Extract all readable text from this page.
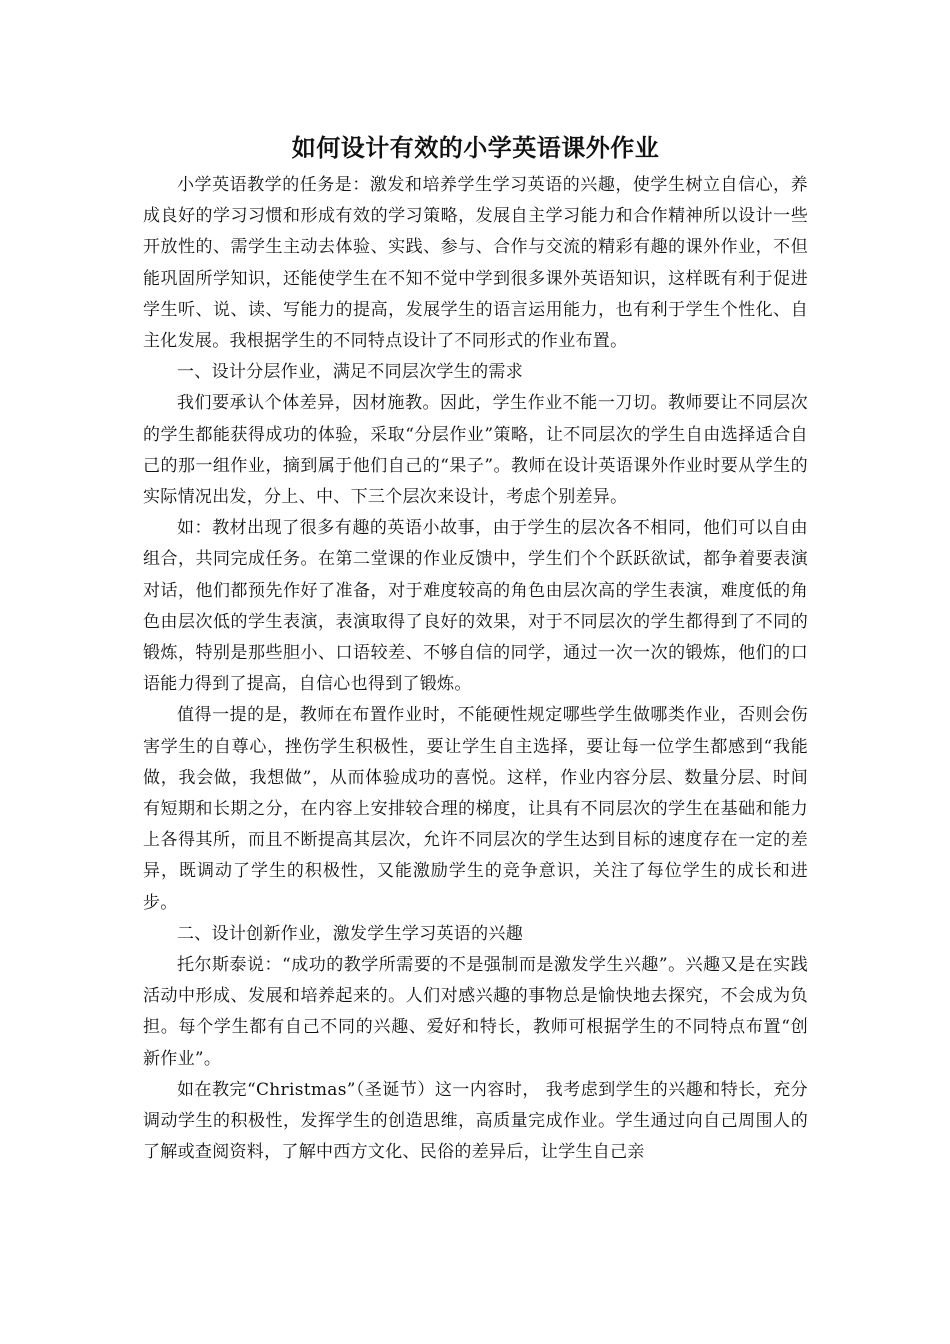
如何设计有效的小学英语课外作业

小学英语教学的任务是：激发和培养学生学习英语的兴趣，使学生树立自信心，养成良好的学习习惯和形成有效的学习策略，发展自主学习能力和合作精神所以设计一些开放性的、需学生主动去体验、实践、参与、合作与交流的精彩有趣的课外作业，不但能巩固所学知识，还能使学生在不知不觉中学到很多课外英语知识，这样既有利于促进学生听、说、读、写能力的提高，发展学生的语言运用能力，也有利于学生个性化、自主化发展。我根据学生的不同特点设计了不同形式的作业布置。

一、设计分层作业，满足不同层次学生的需求

我们要承认个体差异，因材施教。因此，学生作业不能一刀切。教师要让不同层次的学生都能获得成功的体验，采取“分层作业”策略，让不同层次的学生自由选择适合自己的那一组作业，摘到属于他们自己的“果子”。教师在设计英语课外作业时要从学生的实际情况出发，分上、中、下三个层次来设计，考虑个别差异。

如：教材出现了很多有趣的英语小故事，由于学生的层次各不相同，他们可以自由组合，共同完成任务。在第二堂课的作业反馈中，学生们个个跃跃欲试，都争着要表演对话，他们都预先作好了准备，对于难度较高的角色由层次高的学生表演，难度低的角色由层次低的学生表演，表演取得了良好的效果，对于不同层次的学生都得到了不同的锻炼，特别是那些胆小、口语较差、不够自信的同学，通过一次一次的锻炼，他们的口语能力得到了提高，自信心也得到了锻炼。

值得一提的是，教师在布置作业时，不能硬性规定哪些学生做哪类作业，否则会伤害学生的自尊心，挫伤学生积极性，要让学生自主选择，要让每一位学生都感到“我能做，我会做，我想做”，从而体验成功的喜悦。这样，作业内容分层、数量分层、时间有短期和长期之分，在内容上安排较合理的梯度，让具有不同层次的学生在基础和能力上各得其所，而且不断提高其层次，允许不同层次的学生达到目标的速度存在一定的差异，既调动了学生的积极性，又能激励学生的竞争意识，关注了每位学生的成长和进步。

二、设计创新作业，激发学生学习英语的兴趣

托尔斯泰说：“成功的教学所需要的不是强制而是激发学生兴趣”。兴趣又是在实践活动中形成、发展和培养起来的。人们对感兴趣的事物总是愉快地去探究，不会成为负担。每个学生都有自己不同的兴趣、爱好和特长，教师可根据学生的不同特点布置“创新作业”。

如在教完“Christmas”（圣诞节）这一内容时， 我考虑到学生的兴趣和特长，充分调动学生的积极性，发挥学生的创造思维，高质量完成作业。学生通过向自己周围人的了解或查阅资料，了解中西方文化、民俗的差异后，让学生自己亲
